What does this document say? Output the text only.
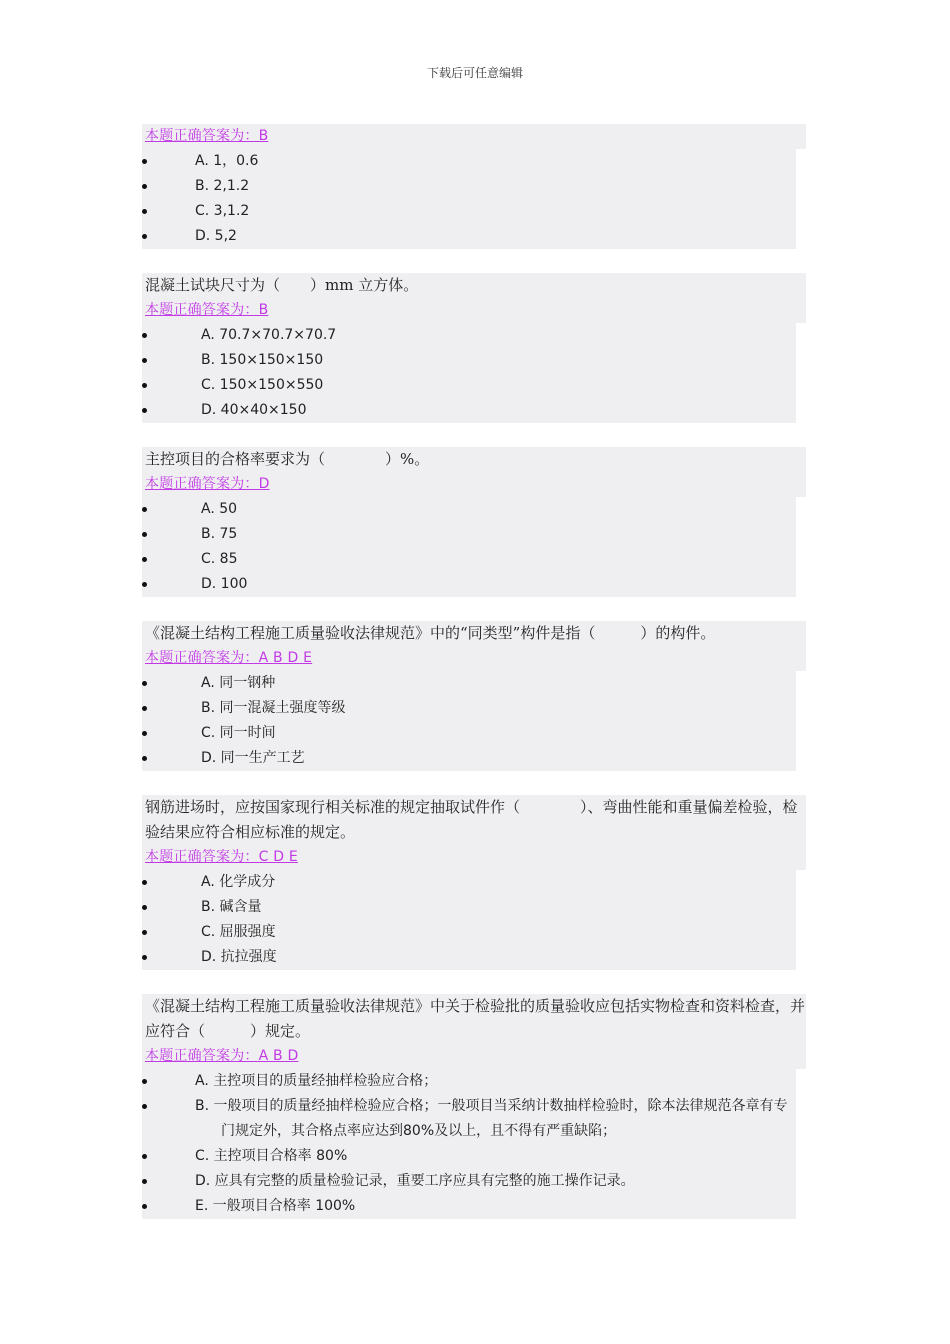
下载后可任意编辑
本题正确答案为：B
A. 1，0.6
B. 2,1.2
C. 3,1.2
D. 5,2
混凝土试块尺寸为（　　）mm 立方体。
本题正确答案为：B
A. 70.7×70.7×70.7
B. 150×150×150
C. 150×150×550
D. 40×40×150
主控项目的合格率要求为（　　　　）%。
本题正确答案为：D
A. 50
B. 75
C. 85
D. 100
《混凝土结构工程施工质量验收法律规范》中的“同类型”构件是指（　　　）的构件。
本题正确答案为：A B D E
A. 同一钢种
B. 同一混凝土强度等级
C. 同一时间
D. 同一生产工艺
钢筋进场时，应按国家现行相关标准的规定抽取试件作（　　　　）、弯曲性能和重量偏差检验，检验结果应符合相应标准的规定。
本题正确答案为：C D E
A. 化学成分
B. 碱含量
C. 屈服强度
D. 抗拉强度
《混凝土结构工程施工质量验收法律规范》中关于检验批的质量验收应包括实物检查和资料检查，并应符合（　　　）规定。
本题正确答案为：A B D
A. 主控项目的质量经抽样检验应合格；
B. 一般项目的质量经抽样检验应合格；一般项目当采纳计数抽样检验时，除本法律规范各章有专门规定外，其合格点率应达到80%及以上，且不得有严重缺陷；
C. 主控项目合格率 80%
D. 应具有完整的质量检验记录，重要工序应具有完整的施工操作记录。
E. 一般项目合格率 100%
